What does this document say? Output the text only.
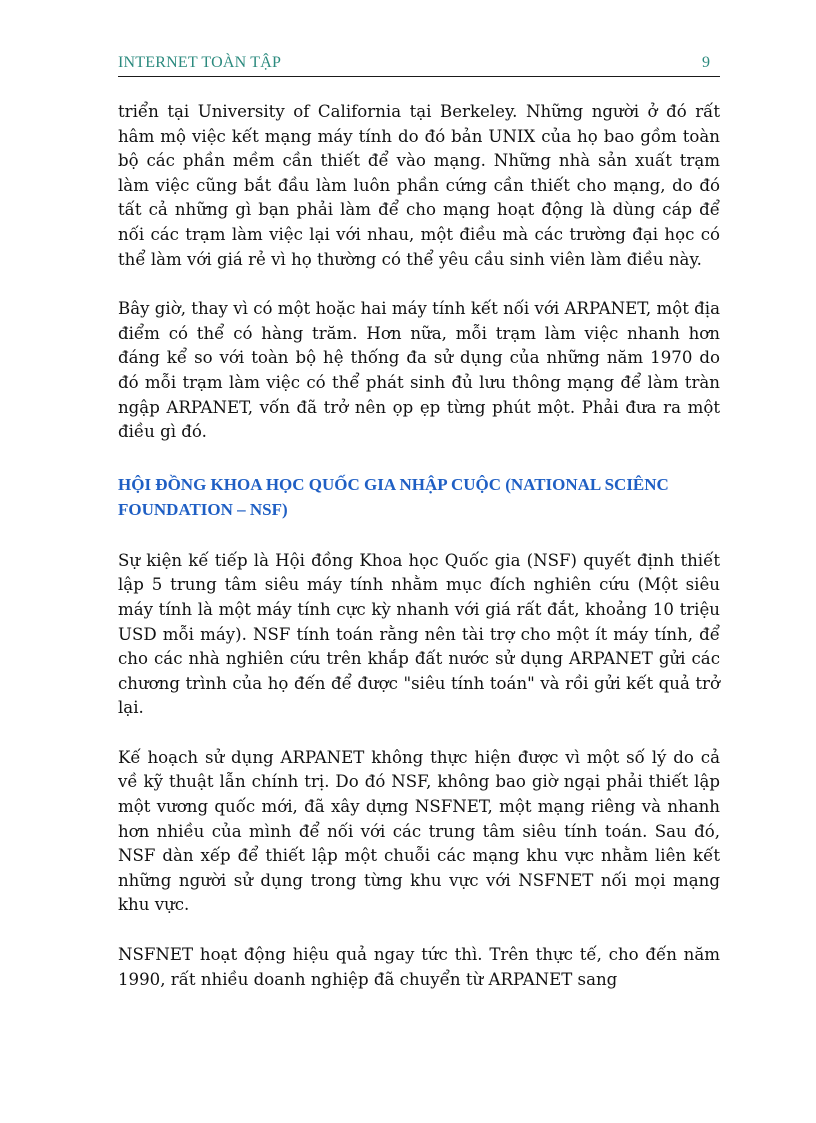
INTERNET TOÀN TẬP	9

triển tại University of California tại Berkeley. Những người ở đó rất hâm mộ việc kết mạng máy tính do đó bản UNIX của họ bao gồm toàn bộ các phần mềm cần thiết để vào mạng. Những nhà sản xuất trạm làm việc cũng bắt đầu làm luôn phần cứng cần thiết cho mạng, do đó tất cả những gì bạn phải làm để cho mạng hoạt động là dùng cáp để nối các trạm làm việc lại với nhau, một điều mà các trường đại học có thể làm với giá rẻ vì họ thường có thể yêu cầu sinh viên làm điều này.

Bây giờ, thay vì có một hoặc hai máy tính kết nối với ARPANET, một địa điểm có thể có hàng trăm. Hơn nữa, mỗi trạm làm việc nhanh hơn đáng kể so với toàn bộ hệ thống đa sử dụng của những năm 1970 do đó mỗi trạm làm việc có thể phát sinh đủ lưu thông mạng để làm tràn ngập ARPANET, vốn đã trở nên ọp ẹp từng phút một. Phải đưa ra một điều gì đó.

HỘI ĐỒNG KHOA HỌC QUỐC GIA NHẬP CUỘC (NATIONAL SCIÊNC FOUNDATION – NSF)

Sự kiện kế tiếp là Hội đồng Khoa học Quốc gia (NSF) quyết định thiết lập 5 trung tâm siêu máy tính nhằm mục đích nghiên cứu (Một siêu máy tính là một máy tính cực kỳ nhanh với giá rất đắt, khoảng 10 triệu USD mỗi máy). NSF tính toán rằng nên tài trợ cho một ít máy tính, để cho các nhà nghiên cứu trên khắp đất nước sử dụng ARPANET gửi các chương trình của họ đến để được "siêu tính toán" và rồi gửi kết quả trở lại.

Kế hoạch sử dụng ARPANET không thực hiện được vì một số lý do cả về kỹ thuật lẫn chính trị. Do đó NSF, không bao giờ ngại phải thiết lập một vương quốc mới, đã xây dựng NSFNET, một mạng riêng và nhanh hơn nhiều của mình để nối với các trung tâm siêu tính toán. Sau đó, NSF dàn xếp để thiết lập một chuỗi các mạng khu vực nhằm liên kết những người sử dụng trong từng khu vực với NSFNET nối mọi mạng khu vực.

NSFNET hoạt động hiệu quả ngay tức thì. Trên thực tế, cho đến năm 1990, rất nhiều doanh nghiệp đã chuyển từ ARPANET sang
